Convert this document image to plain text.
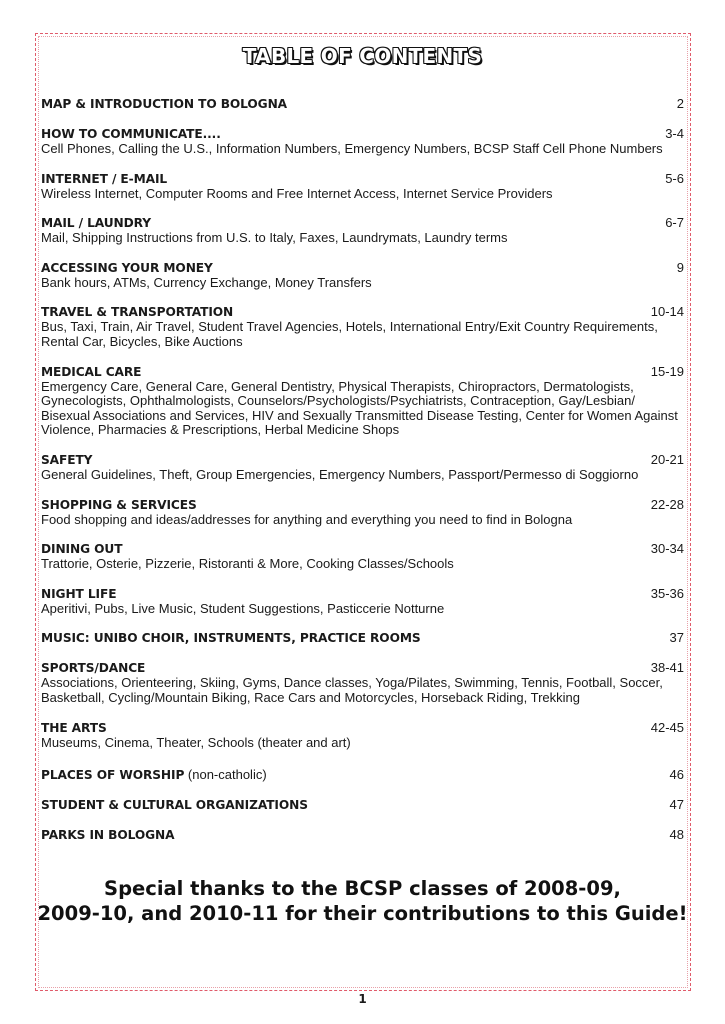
TABLE OF CONTENTS
MAP & INTRODUCTION TO BOLOGNA	2
HOW TO COMMUNICATE....	3-4
Cell Phones, Calling the U.S., Information Numbers, Emergency Numbers, BCSP Staff Cell Phone Numbers
INTERNET / E-MAIL	5-6
Wireless Internet, Computer Rooms and Free Internet Access, Internet Service Providers
MAIL / LAUNDRY	6-7
Mail, Shipping Instructions from U.S. to Italy, Faxes, Laundrymats, Laundry terms
ACCESSING YOUR MONEY	9
Bank hours, ATMs, Currency Exchange, Money Transfers
TRAVEL & TRANSPORTATION	10-14
Bus, Taxi, Train, Air Travel, Student Travel Agencies, Hotels, International Entry/Exit Country Requirements, Rental Car, Bicycles, Bike Auctions
MEDICAL CARE	15-19
Emergency Care, General Care, General Dentistry, Physical Therapists, Chiropractors, Dermatologists, Gynecologists, Ophthalmologists, Counselors/Psychologists/Psychiatrists, Contraception, Gay/Lesbian/ Bisexual Associations and Services, HIV and Sexually Transmitted Disease Testing, Center for Women Against Violence, Pharmacies & Prescriptions, Herbal Medicine Shops
SAFETY	20-21
General Guidelines, Theft, Group Emergencies, Emergency Numbers, Passport/Permesso di Soggiorno
SHOPPING & SERVICES	22-28
Food shopping and ideas/addresses for anything and everything you need to find in Bologna
DINING OUT	30-34
Trattorie, Osterie, Pizzerie, Ristoranti & More, Cooking Classes/Schools
NIGHT LIFE	35-36
Aperitivi, Pubs, Live Music, Student Suggestions, Pasticcerie Notturne
MUSIC: UNIBO CHOIR, INSTRUMENTS, PRACTICE ROOMS	37
SPORTS/DANCE	38-41
Associations, Orienteering, Skiing, Gyms, Dance classes, Yoga/Pilates, Swimming, Tennis, Football, Soccer, Basketball, Cycling/Mountain Biking, Race Cars and Motorcycles, Horseback Riding, Trekking
THE ARTS	42-45
Museums, Cinema, Theater, Schools (theater and art)
PLACES OF WORSHIP (non-catholic)	46
STUDENT & CULTURAL ORGANIZATIONS	47
PARKS IN BOLOGNA	48
Special thanks to the BCSP classes of 2008-09,
2009-10, and 2010-11 for their contributions to this Guide!
1
